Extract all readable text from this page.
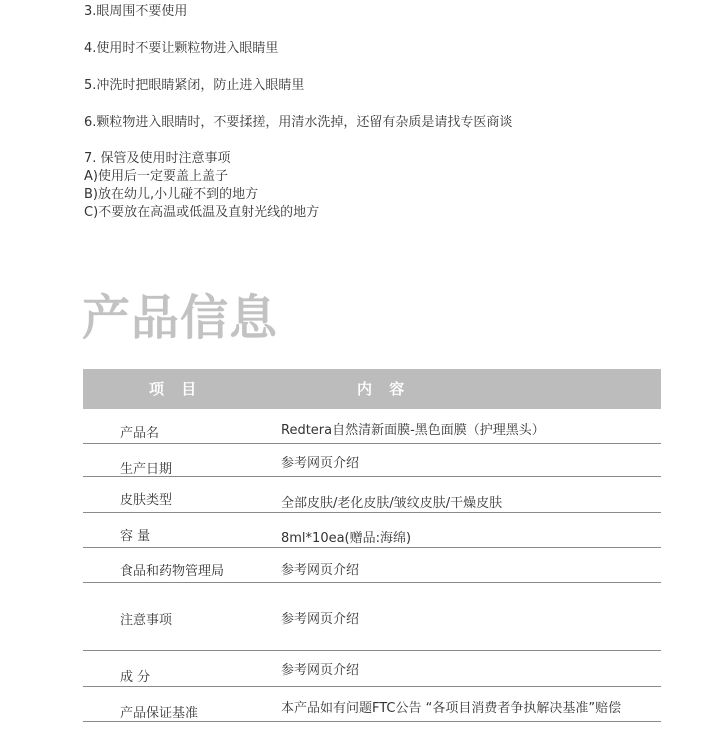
3.眼周围不要使用
4.使用时不要让颗粒物进入眼睛里
5.冲洗时把眼睛紧闭，防止进入眼睛里
6.颗粒物进入眼睛时，不要揉搓，用清水洗掉，还留有杂质是请找专医商谈
7. 保管及使用时注意事项
A)使用后一定要盖上盖子
B)放在幼儿,小儿碰不到的地方
C)不要放在高温或低温及直射光线的地方
产品信息
项 目	内 容
产品名	Redtera自然清新面膜-黑色面膜（护理黑头）
生产日期	参考网页介绍
皮肤类型	全部皮肤/老化皮肤/皱纹皮肤/干燥皮肤
容 量	8ml*10ea(赠品:海绵)
食品和药物管理局	参考网页介绍
注意事项	参考网页介绍
成 分	参考网页介绍
产品保证基准	本产品如有问题FTC公告 “各项目消费者争执解决基准”赔偿
